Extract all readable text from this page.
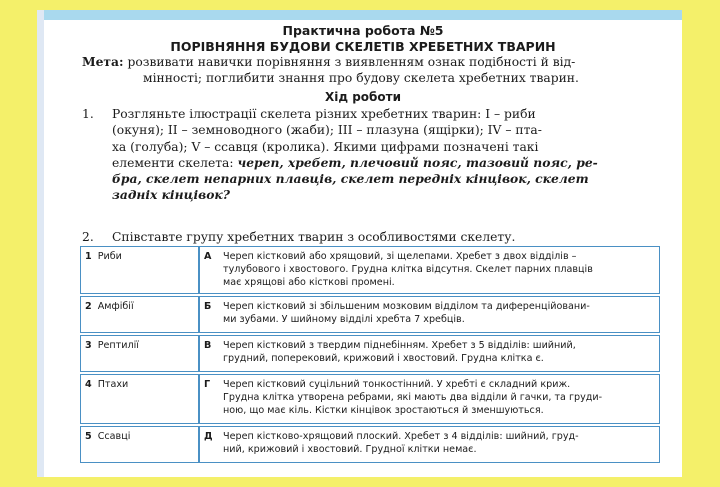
Практична робота №5
ПОРІВНЯННЯ БУДОВИ СКЕЛЕТІВ ХРЕБЕТНИХ ТВАРИН
Мета: розвивати навички порівняння з виявленням ознак подібності й від-
мінності; поглибити знання про будову скелета хребетних тварин.
Хід роботи
1.	Розгляньте ілюстрації скелета різних хребетних тварин: I – риби
(окуня); II – земноводного (жаби); III – плазуна (ящірки); IV – пта-
ха (голуба); V – ссавця (кролика). Якими цифрами позначені такі
елементи скелета: череп, хребет, плечовий пояс, тазовий пояс, ре-
бра, скелет непарних плавців, скелет передніх кінцівок, скелет
задніх кінцівок?
2.	Співставте групу хребетних тварин з особливостями скелету.
1 Риби	А Череп кістковий або хрящовий, зі щелепами. Хребет з двох відділів –
тулубового і хвостового. Грудна клітка відсутня. Скелет парних плавців
має хрящові або кісткові промені.
2 Амфібії	Б Череп кістковий зі збільшеним мозковим відділом та диференційовани-
ми зубами. У шийному відділі хребта 7 хребців.
3 Рептилії	В Череп кістковий з твердим піднебінням. Хребет з 5 відділів: шийний,
грудний, поперековий, крижовий і хвостовий. Грудна клітка є.
4 Птахи	Г Череп кістковий суцільний тонкостінний. У хребті є складний криж.
Грудна клітка утворена ребрами, які мають два відділи й гачки, та груди-
ною, що має кіль. Кістки кінцівок зростаються й зменшуються.
5 Ссавці	Д Череп кістково-хрящовий плоский. Хребет з 4 відділів: шийний, груд-
ний, крижовий і хвостовий. Грудної клітки немає.
